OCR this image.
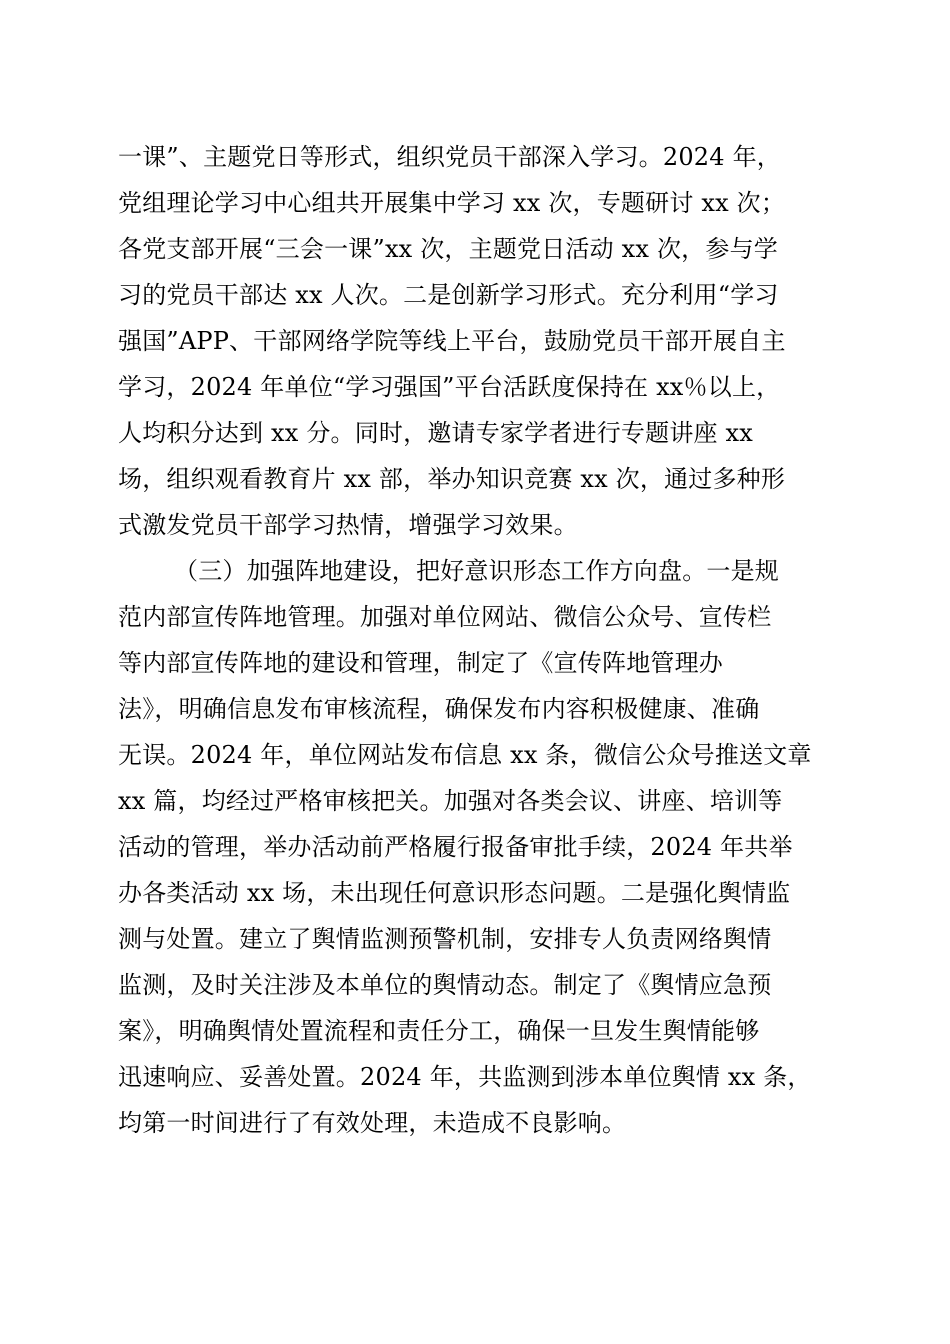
一课”、主题党日等形式，组织党员干部深入学习。2024 年，
党组理论学习中心组共开展集中学习 xx 次，专题研讨 xx 次；
各党支部开展“三会一课”xx 次，主题党日活动 xx 次，参与学
习的党员干部达 xx 人次。二是创新学习形式。充分利用“学习
强国”APP、干部网络学院等线上平台，鼓励党员干部开展自主
学习，2024 年单位“学习强国”平台活跃度保持在 xx％以上，
人均积分达到 xx 分。同时，邀请专家学者进行专题讲座 xx
场，组织观看教育片 xx 部，举办知识竞赛 xx 次，通过多种形
式激发党员干部学习热情，增强学习效果。
（三）加强阵地建设，把好意识形态工作方向盘。一是规
范内部宣传阵地管理。加强对单位网站、微信公众号、宣传栏
等内部宣传阵地的建设和管理，制定了《宣传阵地管理办
法》，明确信息发布审核流程，确保发布内容积极健康、准确
无误。2024 年，单位网站发布信息 xx 条，微信公众号推送文章
xx 篇，均经过严格审核把关。加强对各类会议、讲座、培训等
活动的管理，举办活动前严格履行报备审批手续，2024 年共举
办各类活动 xx 场，未出现任何意识形态问题。二是强化舆情监
测与处置。建立了舆情监测预警机制，安排专人负责网络舆情
监测，及时关注涉及本单位的舆情动态。制定了《舆情应急预
案》，明确舆情处置流程和责任分工，确保一旦发生舆情能够
迅速响应、妥善处置。2024 年，共监测到涉本单位舆情 xx 条，
均第一时间进行了有效处理，未造成不良影响。
